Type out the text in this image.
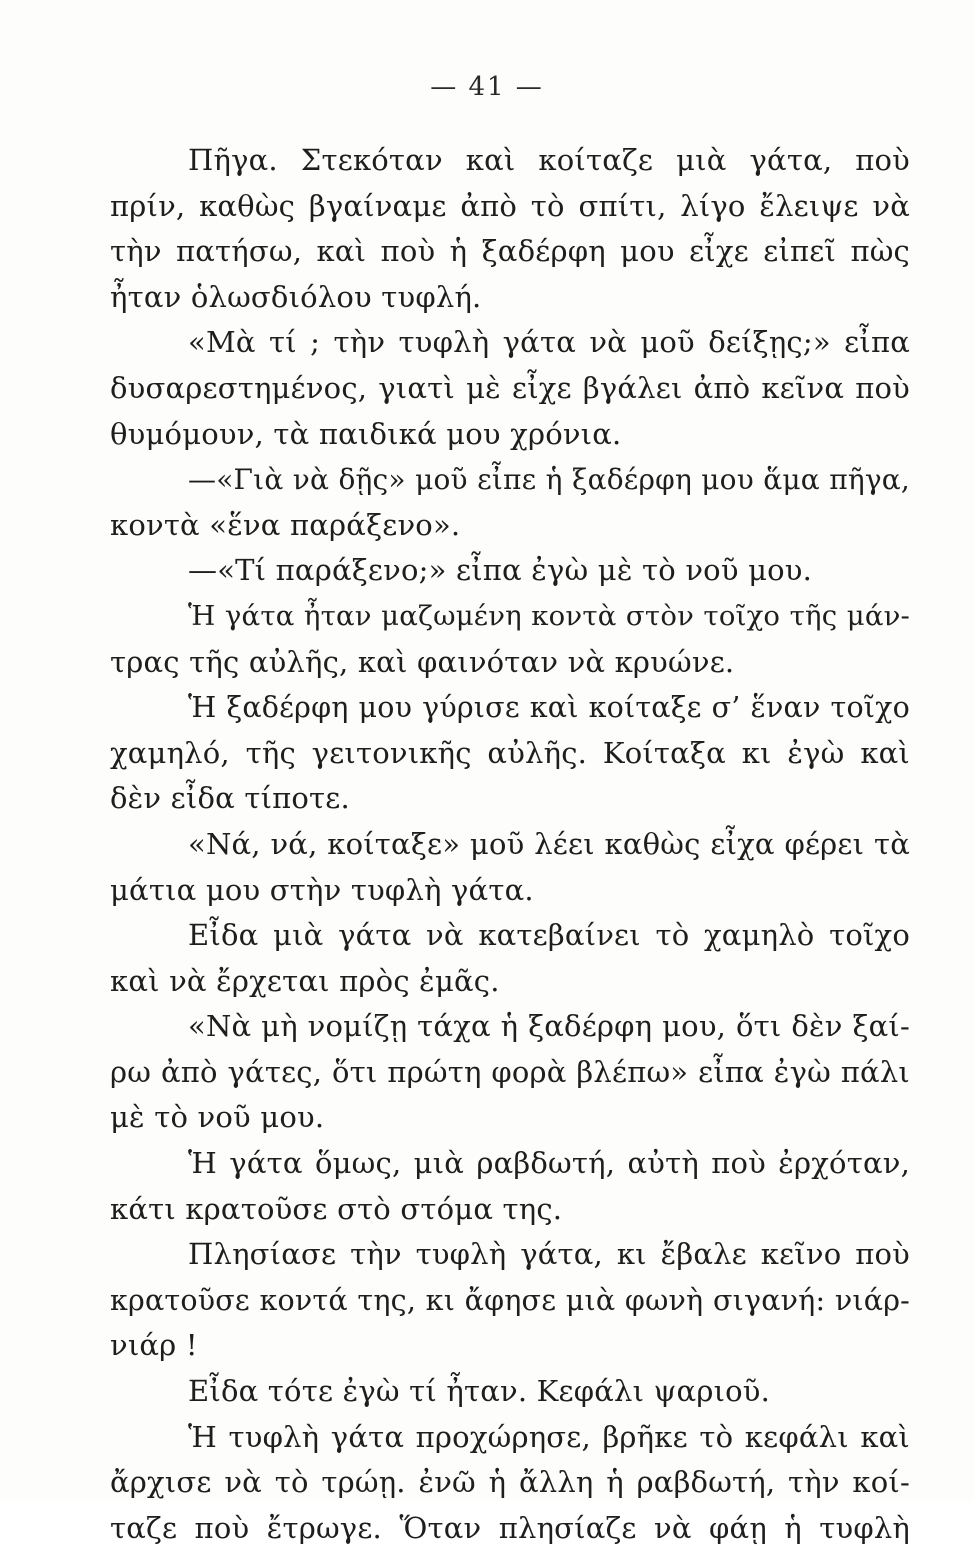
— 41 —
Πῆγα. Στεκόταν καὶ κοίταζε μιὰ γάτα, ποὺ
πρίν, καθὼς βγαίναμε ἀπὸ τὸ σπίτι, λίγο ἔλειψε νὰ
τὴν πατήσω, καὶ ποὺ ἡ ξαδέρφη μου εἶχε εἰπεῖ πὼς
ἦταν ὁλωσδιόλου τυφλή.
«Μὰ τί ; τὴν τυφλὴ γάτα νὰ μοῦ δείξῃς;» εἶπα
δυσαρεστημένος, γιατὶ μὲ εἶχε βγάλει ἀπὸ κεῖνα ποὺ
θυμόμουν, τὰ παιδικά μου χρόνια.
—«Γιὰ νὰ δῇς» μοῦ εἶπε ἡ ξαδέρφη μου ἅμα πῆγα,
κοντὰ «ἕνα παράξενο».
—«Τί παράξενο;» εἶπα ἐγὼ μὲ τὸ νοῦ μου.
Ἡ γάτα ἦταν μαζωμένη κοντὰ στὸν τοῖχο τῆς μάν-
τρας τῆς αὐλῆς, καὶ φαινόταν νὰ κρυώνε.
Ἡ ξαδέρφη μου γύρισε καὶ κοίταξε σ’ ἕναν τοῖχο
χαμηλό, τῆς γειτονικῆς αὐλῆς. Κοίταξα κι ἐγὼ καὶ
δὲν εἶδα τίποτε.
«Νά, νά, κοίταξε» μοῦ λέει καθὼς εἶχα φέρει τὰ
μάτια μου στὴν τυφλὴ γάτα.
Εἶδα μιὰ γάτα νὰ κατεβαίνει τὸ χαμηλὸ τοῖχο
καὶ νὰ ἔρχεται πρὸς ἐμᾶς.
«Νὰ μὴ νομίζῃ τάχα ἡ ξαδέρφη μου, ὅτι δὲν ξαί-
ρω ἀπὸ γάτες, ὅτι πρώτη φορὰ βλέπω» εἶπα ἐγὼ πάλι
μὲ τὸ νοῦ μου.
Ἡ γάτα ὅμως, μιὰ ραβδωτή, αὐτὴ ποὺ ἐρχόταν,
κάτι κρατοῦσε στὸ στόμα της.
Πλησίασε τὴν τυφλὴ γάτα, κι ἔβαλε κεῖνο ποὺ
κρατοῦσε κοντά της, κι ἄφησε μιὰ φωνὴ σιγανή: νιάρ-
νιάρ !
Εἶδα τότε ἐγὼ τί ἦταν. Κεφάλι ψαριοῦ.
Ἡ τυφλὴ γάτα προχώρησε, βρῆκε τὸ κεφάλι καὶ
ἄρχισε νὰ τὸ τρώῃ. ἐνῶ ἡ ἄλλη ἡ ραβδωτή, τὴν κοί-
ταζε ποὺ ἔτρωγε. Ὅταν πλησίαζε νὰ φάῃ ἡ τυφλὴ
